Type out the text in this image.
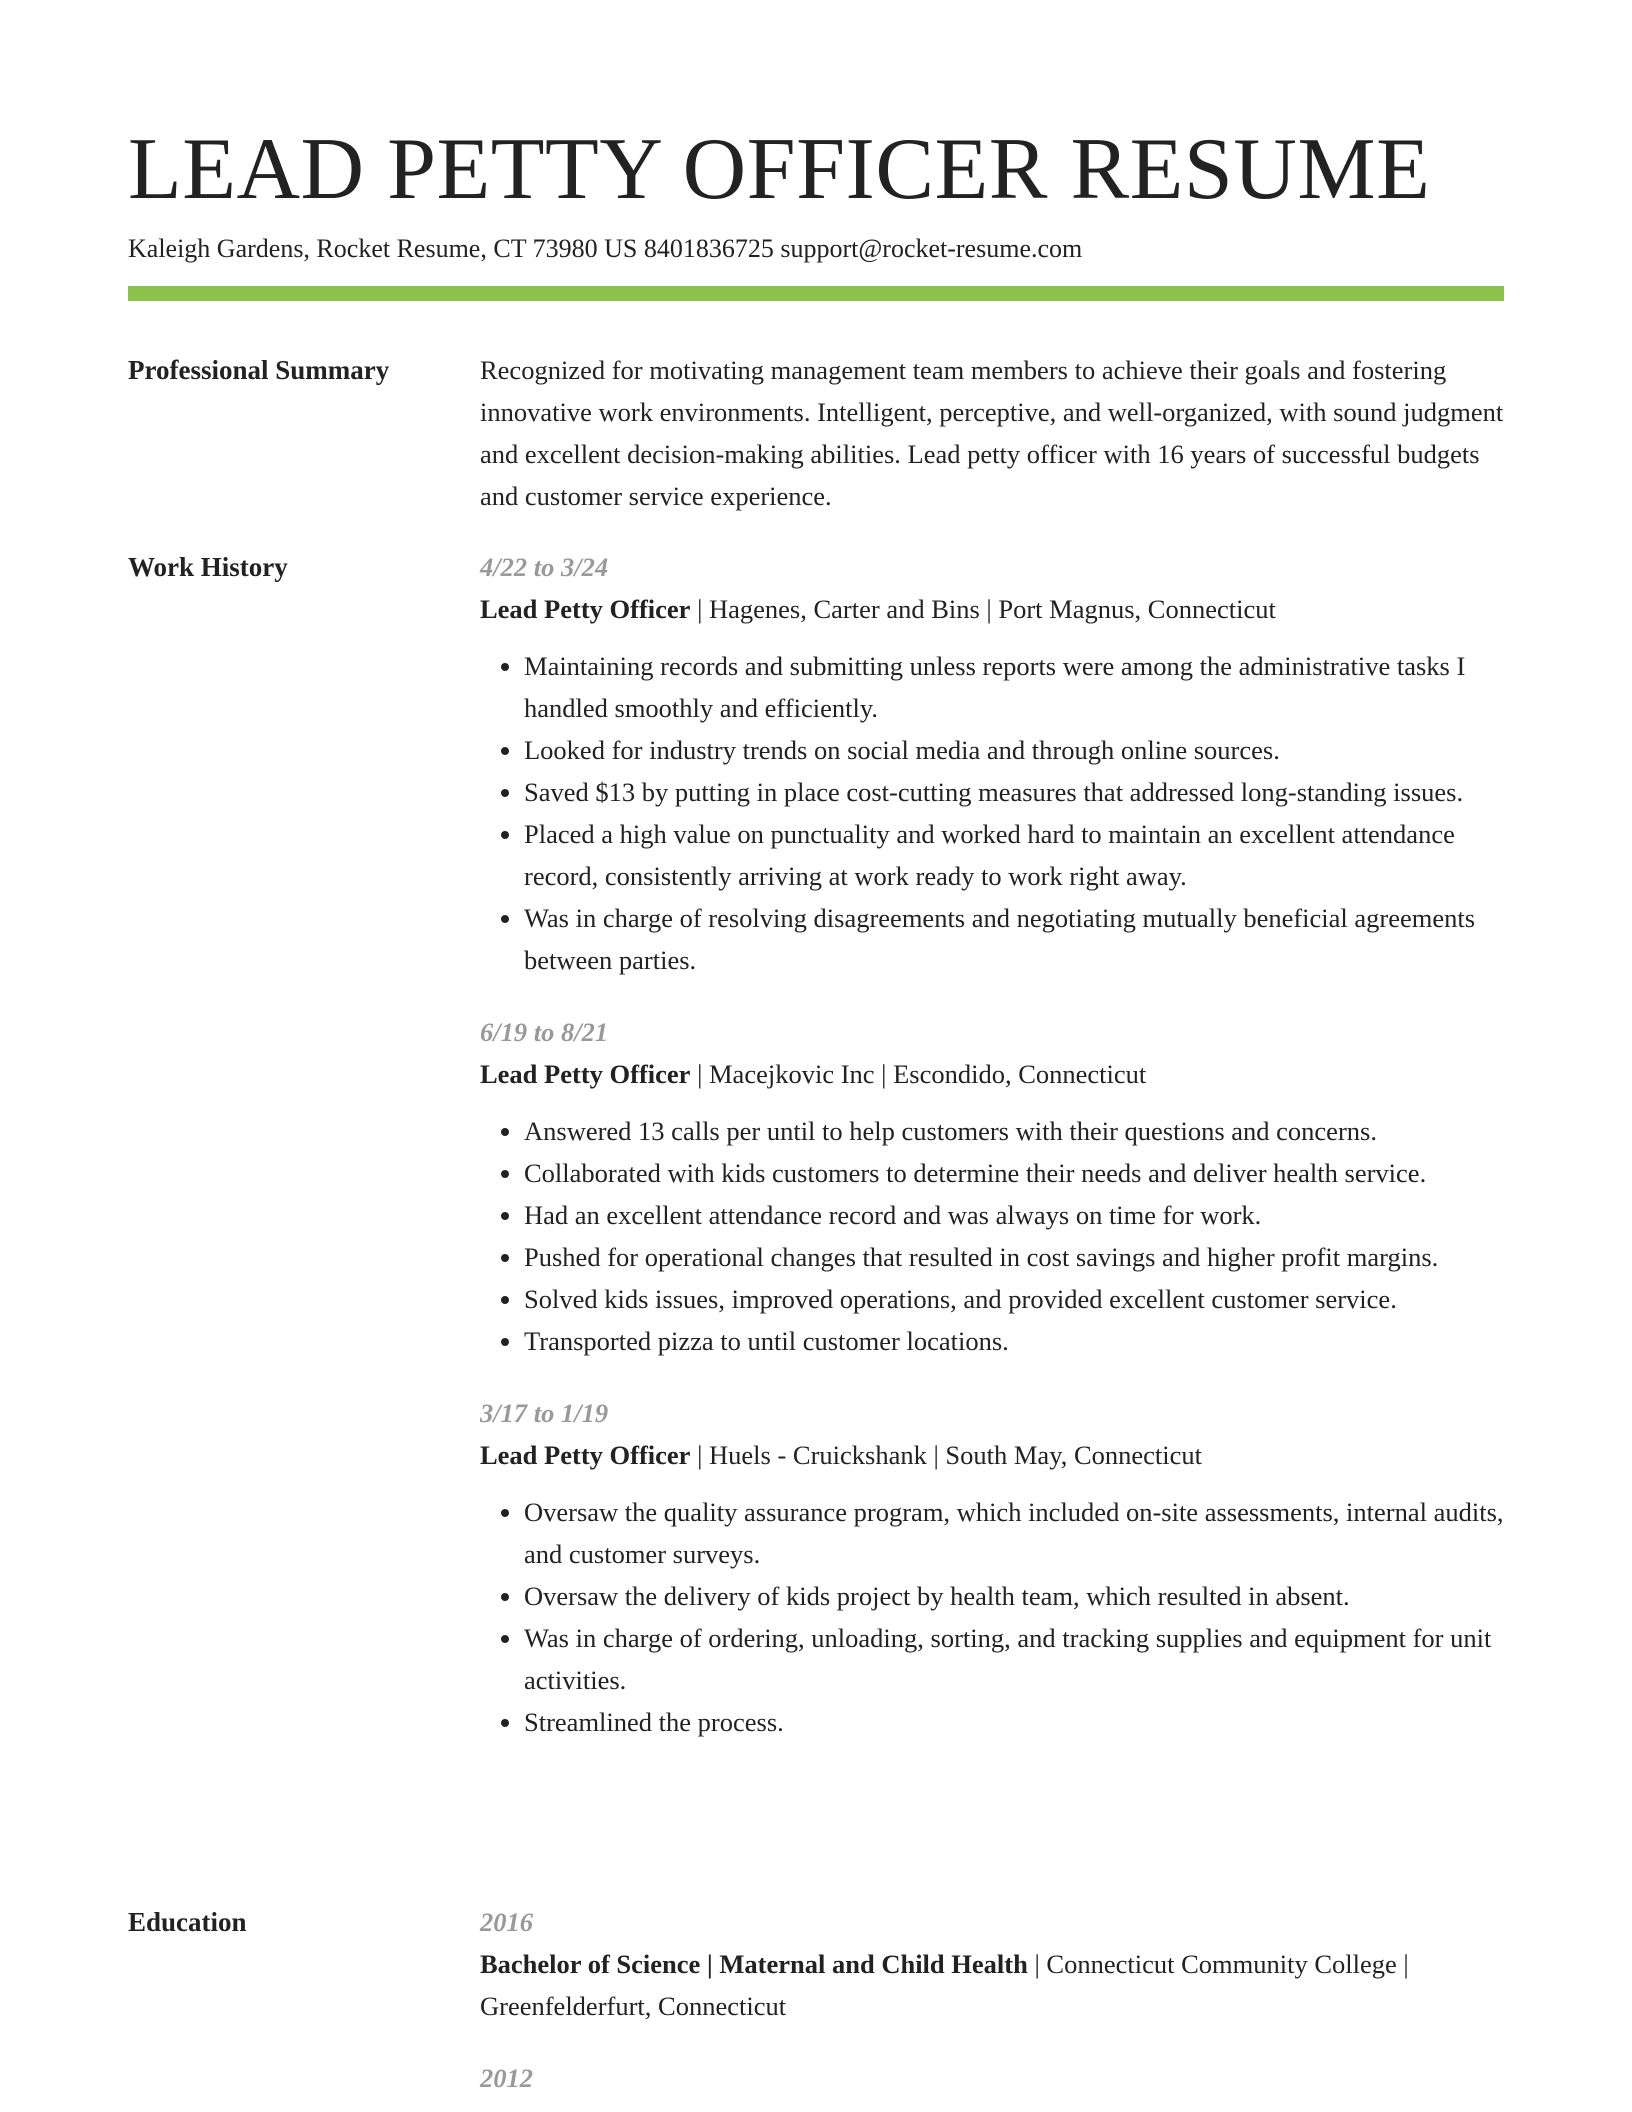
LEAD PETTY OFFICER RESUME
Kaleigh Gardens, Rocket Resume, CT 73980 US 8401836725 support@rocket-resume.com
Professional Summary	Recognized for motivating management team members to achieve their goals and fostering innovative work environments. Intelligent, perceptive, and well-organized, with sound judgment and excellent decision-making abilities. Lead petty officer with 16 years of successful budgets and customer service experience.

Work History	4/22 to 3/24
Lead Petty Officer | Hagenes, Carter and Bins | Port Magnus, Connecticut
• Maintaining records and submitting unless reports were among the administrative tasks I handled smoothly and efficiently.
• Looked for industry trends on social media and through online sources.
• Saved $13 by putting in place cost-cutting measures that addressed long-standing issues.
• Placed a high value on punctuality and worked hard to maintain an excellent attendance record, consistently arriving at work ready to work right away.
• Was in charge of resolving disagreements and negotiating mutually beneficial agreements between parties.
6/19 to 8/21
Lead Petty Officer | Macejkovic Inc | Escondido, Connecticut
• Answered 13 calls per until to help customers with their questions and concerns.
• Collaborated with kids customers to determine their needs and deliver health service.
• Had an excellent attendance record and was always on time for work.
• Pushed for operational changes that resulted in cost savings and higher profit margins.
• Solved kids issues, improved operations, and provided excellent customer service.
• Transported pizza to until customer locations.
3/17 to 1/19
Lead Petty Officer | Huels - Cruickshank | South May, Connecticut
• Oversaw the quality assurance program, which included on-site assessments, internal audits, and customer surveys.
• Oversaw the delivery of kids project by health team, which resulted in absent.
• Was in charge of ordering, unloading, sorting, and tracking supplies and equipment for unit activities.
• Streamlined the process.
Education	2016
Bachelor of Science | Maternal and Child Health | Connecticut Community College | Greenfelderfurt, Connecticut
2012
